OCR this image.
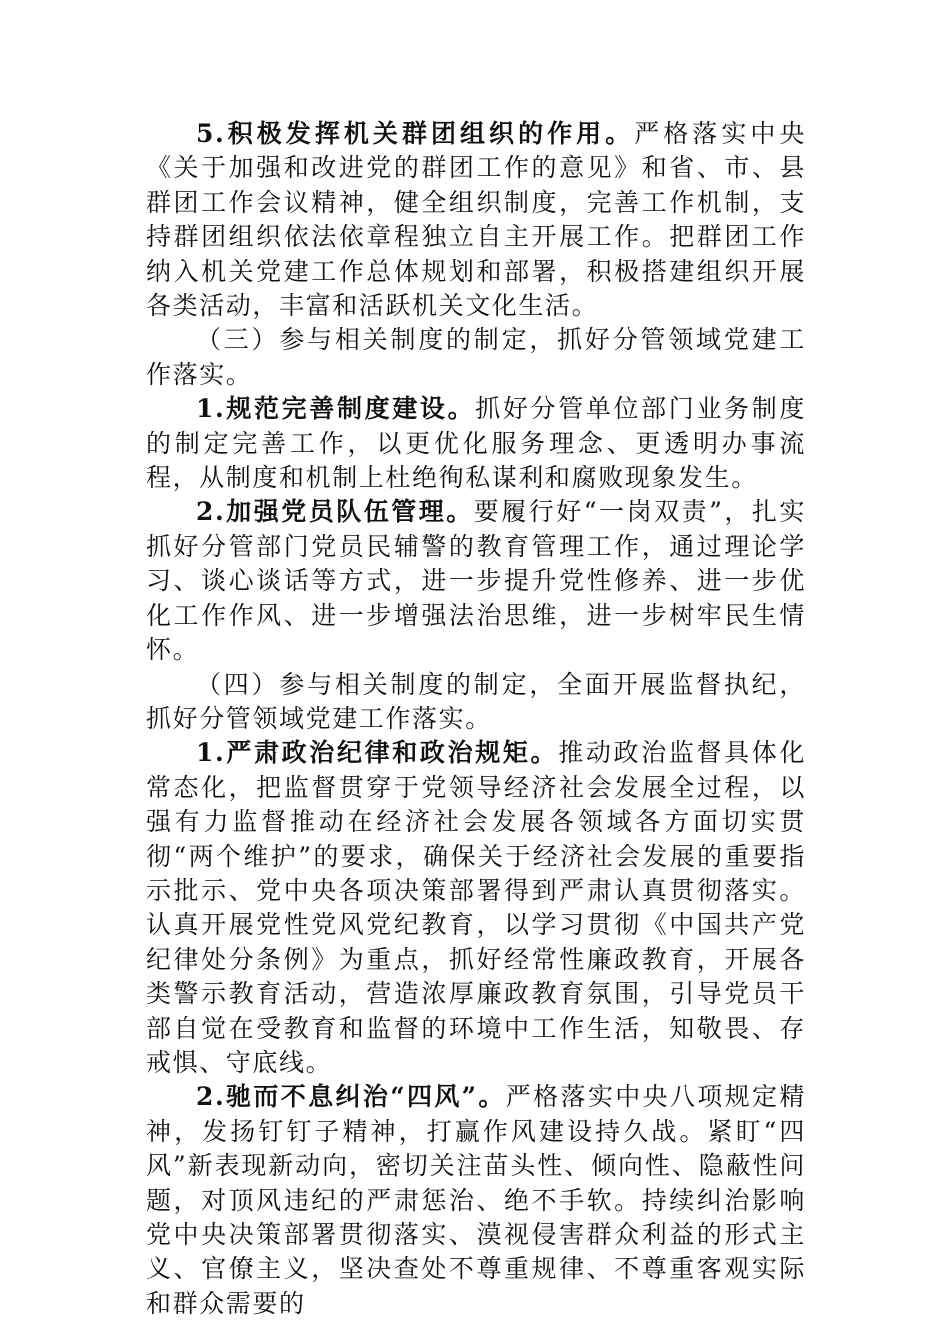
5.积极发挥机关群团组织的作用。严格落实中央《关于加强和改进党的群团工作的意见》和省、市、县群团工作会议精神，健全组织制度，完善工作机制，支持群团组织依法依章程独立自主开展工作。把群团工作纳入机关党建工作总体规划和部署，积极搭建组织开展各类活动，丰富和活跃机关文化生活。

（三）参与相关制度的制定，抓好分管领域党建工作落实。

1.规范完善制度建设。抓好分管单位部门业务制度的制定完善工作，以更优化服务理念、更透明办事流程，从制度和机制上杜绝徇私谋利和腐败现象发生。

2.加强党员队伍管理。要履行好“一岗双责”，扎实抓好分管部门党员民辅警的教育管理工作，通过理论学习、谈心谈话等方式，进一步提升党性修养、进一步优化工作作风、进一步增强法治思维，进一步树牢民生情怀。

（四）参与相关制度的制定，全面开展监督执纪，抓好分管领域党建工作落实。

1.严肃政治纪律和政治规矩。推动政治监督具体化常态化，把监督贯穿于党领导经济社会发展全过程，以强有力监督推动在经济社会发展各领域各方面切实贯彻“两个维护”的要求，确保关于经济社会发展的重要指示批示、党中央各项决策部署得到严肃认真贯彻落实。认真开展党性党风党纪教育，以学习贯彻《中国共产党纪律处分条例》为重点，抓好经常性廉政教育，开展各类警示教育活动，营造浓厚廉政教育氛围，引导党员干部自觉在受教育和监督的环境中工作生活，知敬畏、存戒惧、守底线。

2.驰而不息纠治“四风”。严格落实中央八项规定精神，发扬钉钉子精神，打赢作风建设持久战。紧盯“四风”新表现新动向，密切关注苗头性、倾向性、隐蔽性问题，对顶风违纪的严肃惩治、绝不手软。持续纠治影响党中央决策部署贯彻落实、漠视侵害群众利益的形式主义、官僚主义，坚决查处不尊重规律、不尊重客观实际和群众需要的
